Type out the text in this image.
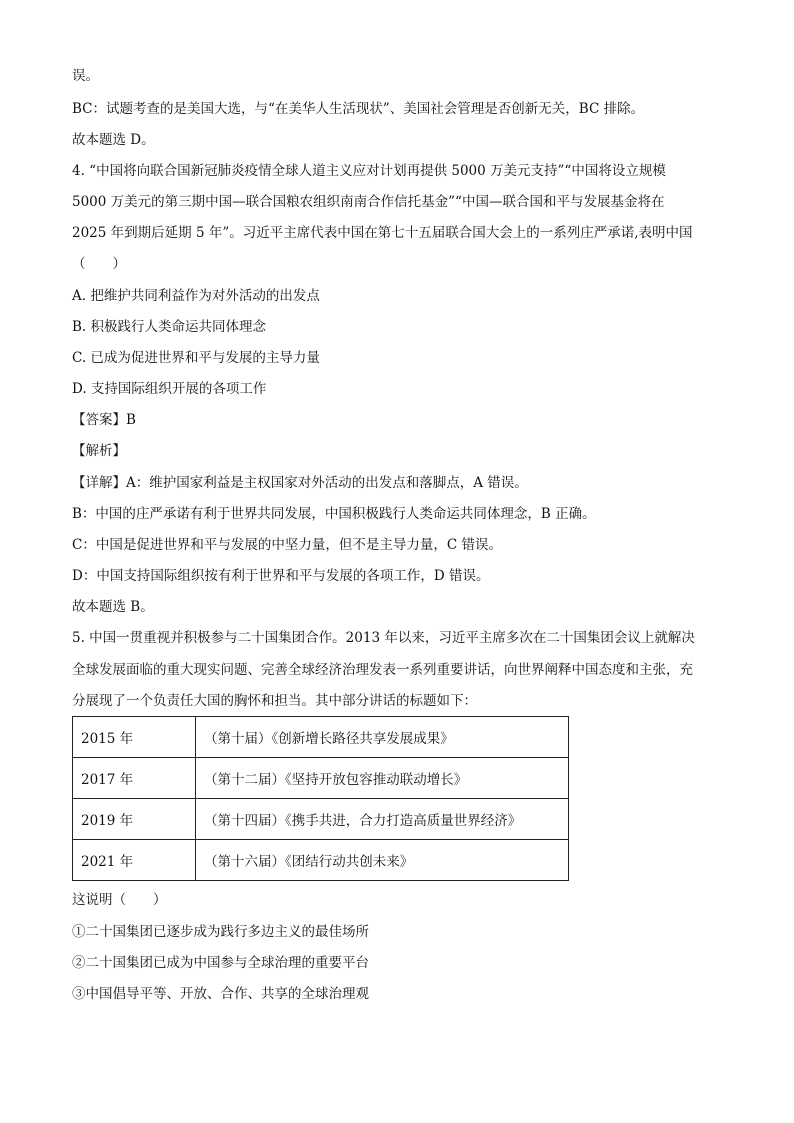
误。
BC：试题考查的是美国大选，与“在美华人生活现状”、美国社会管理是否创新无关，BC 排除。
故本题选 D。
4. “中国将向联合国新冠肺炎疫情全球人道主义应对计划再提供 5000 万美元支持”“中国将设立规模
5000 万美元的第三期中国—联合国粮农组织南南合作信托基金”“中国—联合国和平与发展基金将在
2025 年到期后延期 5 年”。习近平主席代表中国在第七十五届联合国大会上的一系列庄严承诺,表明中国
（　　）
A. 把维护共同利益作为对外活动的出发点
B. 积极践行人类命运共同体理念
C. 已成为促进世界和平与发展的主导力量
D. 支持国际组织开展的各项工作
【答案】B
【解析】
【详解】A：维护国家利益是主权国家对外活动的出发点和落脚点，A 错误。
B：中国的庄严承诺有利于世界共同发展，中国积极践行人类命运共同体理念，B 正确。
C：中国是促进世界和平与发展的中坚力量，但不是主导力量，C 错误。
D：中国支持国际组织按有利于世界和平与发展的各项工作，D 错误。
故本题选 B。
5. 中国一贯重视并积极参与二十国集团合作。2013 年以来，习近平主席多次在二十国集团会议上就解决
全球发展面临的重大现实问题、完善全球经济治理发表一系列重要讲话，向世界阐释中国态度和主张，充
分展现了一个负责任大国的胸怀和担当。其中部分讲话的标题如下：
2015 年	（第十届）《创新增长路径共享发展成果》
2017 年	（第十二届）《坚持开放包容推动联动增长》
2019 年	（第十四届）《携手共进，合力打造高质量世界经济》
2021 年	（第十六届）《团结行动共创未来》
这说明（　　）
①二十国集团已逐步成为践行多边主义的最佳场所
②二十国集团已成为中国参与全球治理的重要平台
③中国倡导平等、开放、合作、共享的全球治理观
